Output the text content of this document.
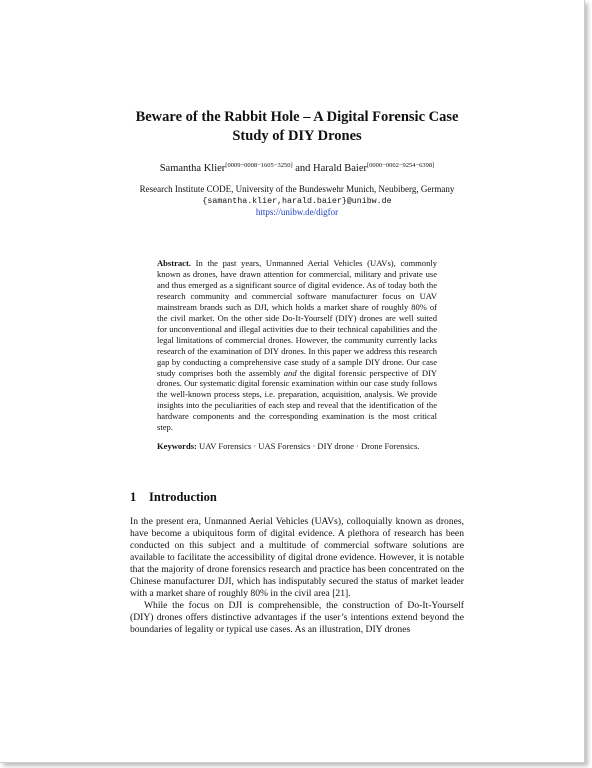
Beware of the Rabbit Hole – A Digital Forensic Case Study of DIY Drones
Samantha Klier[0009−0008−1605−3250] and Harald Baier[0000−0002−9254−6398]
Research Institute CODE, University of the Bundeswehr Munich, Neubiberg, Germany
{samantha.klier,harald.baier}@unibw.de
https://unibw.de/digfor

Abstract. In the past years, Unmanned Aerial Vehicles (UAVs), commonly known as drones, have drawn attention for commercial, military and private use and thus emerged as a significant source of digital evidence. As of today both the research community and commercial software manufacturer focus on UAV mainstream brands such as DJI, which holds a market share of roughly 80% of the civil market. On the other side Do-It-Yourself (DIY) drones are well suited for unconventional and illegal activities due to their technical capabilities and the legal limitations of commercial drones. However, the community currently lacks research of the examination of DIY drones. In this paper we address this research gap by conducting a comprehensive case study of a sample DIY drone. Our case study comprises both the assembly and the digital forensic perspective of DIY drones. Our systematic digital forensic examination within our case study follows the well-known process steps, i.e. preparation, acquisition, analysis. We provide insights into the peculiarities of each step and reveal that the identification of the hardware components and the corresponding examination is the most critical step.

Keywords: UAV Forensics · UAS Forensics · DIY drone · Drone Forensics.

1 Introduction

In the present era, Unmanned Aerial Vehicles (UAVs), colloquially known as drones, have become a ubiquitous form of digital evidence. A plethora of research has been conducted on this subject and a multitude of commercial software solutions are available to facilitate the accessibility of digital drone evidence. However, it is notable that the majority of drone forensics research and practice has been concentrated on the Chinese manufacturer DJI, which has indisputably secured the status of market leader with a market share of roughly 80% in the civil area [21].

While the focus on DJI is comprehensible, the construction of Do-It-Yourself (DIY) drones offers distinctive advantages if the user’s intentions extend beyond the boundaries of legality or typical use cases. As an illustration, DIY drones
